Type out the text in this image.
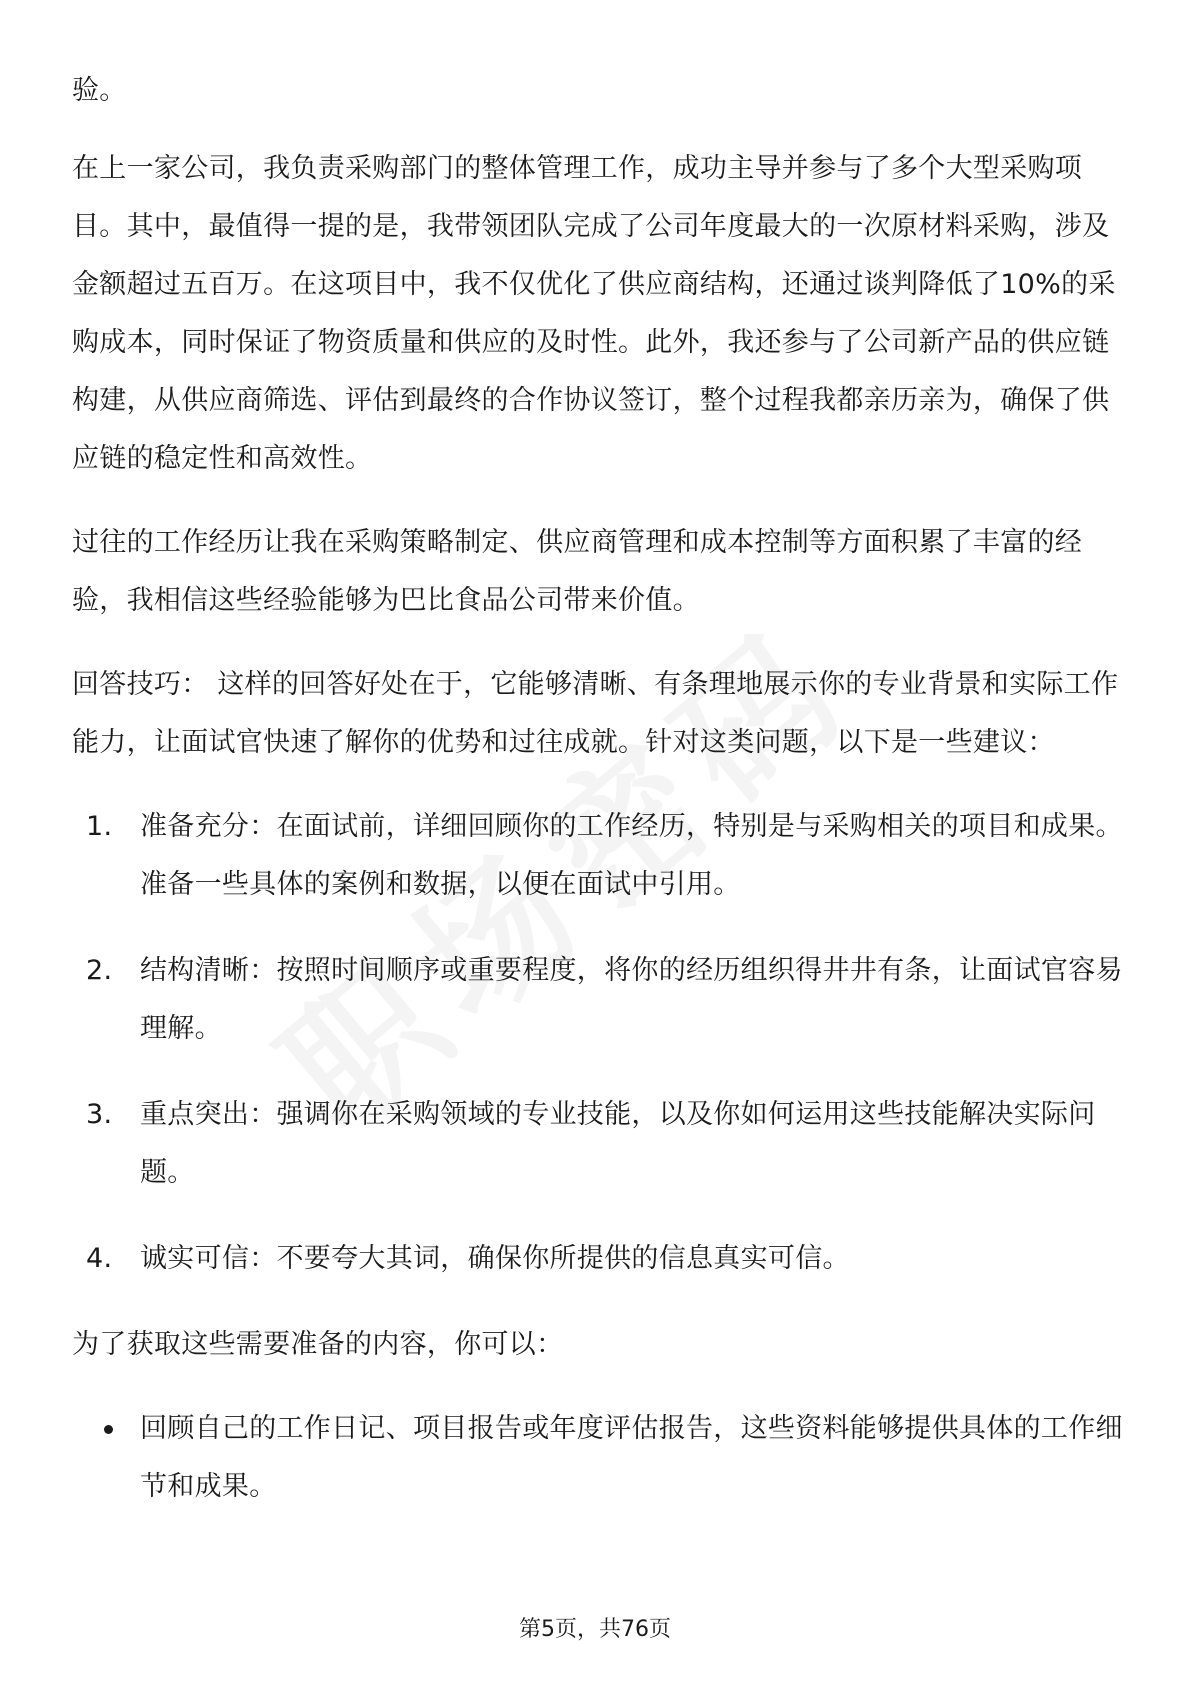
验。

在上一家公司，我负责采购部门的整体管理工作，成功主导并参与了多个大型采购项目。其中，最值得一提的是，我带领团队完成了公司年度最大的一次原材料采购，涉及金额超过五百万。在这项目中，我不仅优化了供应商结构，还通过谈判降低了10%的采购成本，同时保证了物资质量和供应的及时性。此外，我还参与了公司新产品的供应链构建，从供应商筛选、评估到最终的合作协议签订，整个过程我都亲历亲为，确保了供应链的稳定性和高效性。

过往的工作经历让我在采购策略制定、供应商管理和成本控制等方面积累了丰富的经验，我相信这些经验能够为巴比食品公司带来价值。

回答技巧： 这样的回答好处在于，它能够清晰、有条理地展示你的专业背景和实际工作能力，让面试官快速了解你的优势和过往成就。针对这类问题，以下是一些建议：

1.	准备充分：在面试前，详细回顾你的工作经历，特别是与采购相关的项目和成果。准备一些具体的案例和数据，以便在面试中引用。
2.	结构清晰：按照时间顺序或重要程度，将你的经历组织得井井有条，让面试官容易理解。
3.	重点突出：强调你在采购领域的专业技能，以及你如何运用这些技能解决实际问题。
4.	诚实可信：不要夸大其词，确保你所提供的信息真实可信。

为了获取这些需要准备的内容，你可以：

回顾自己的工作日记、项目报告或年度评估报告，这些资料能够提供具体的工作细节和成果。
第5页，共76页
